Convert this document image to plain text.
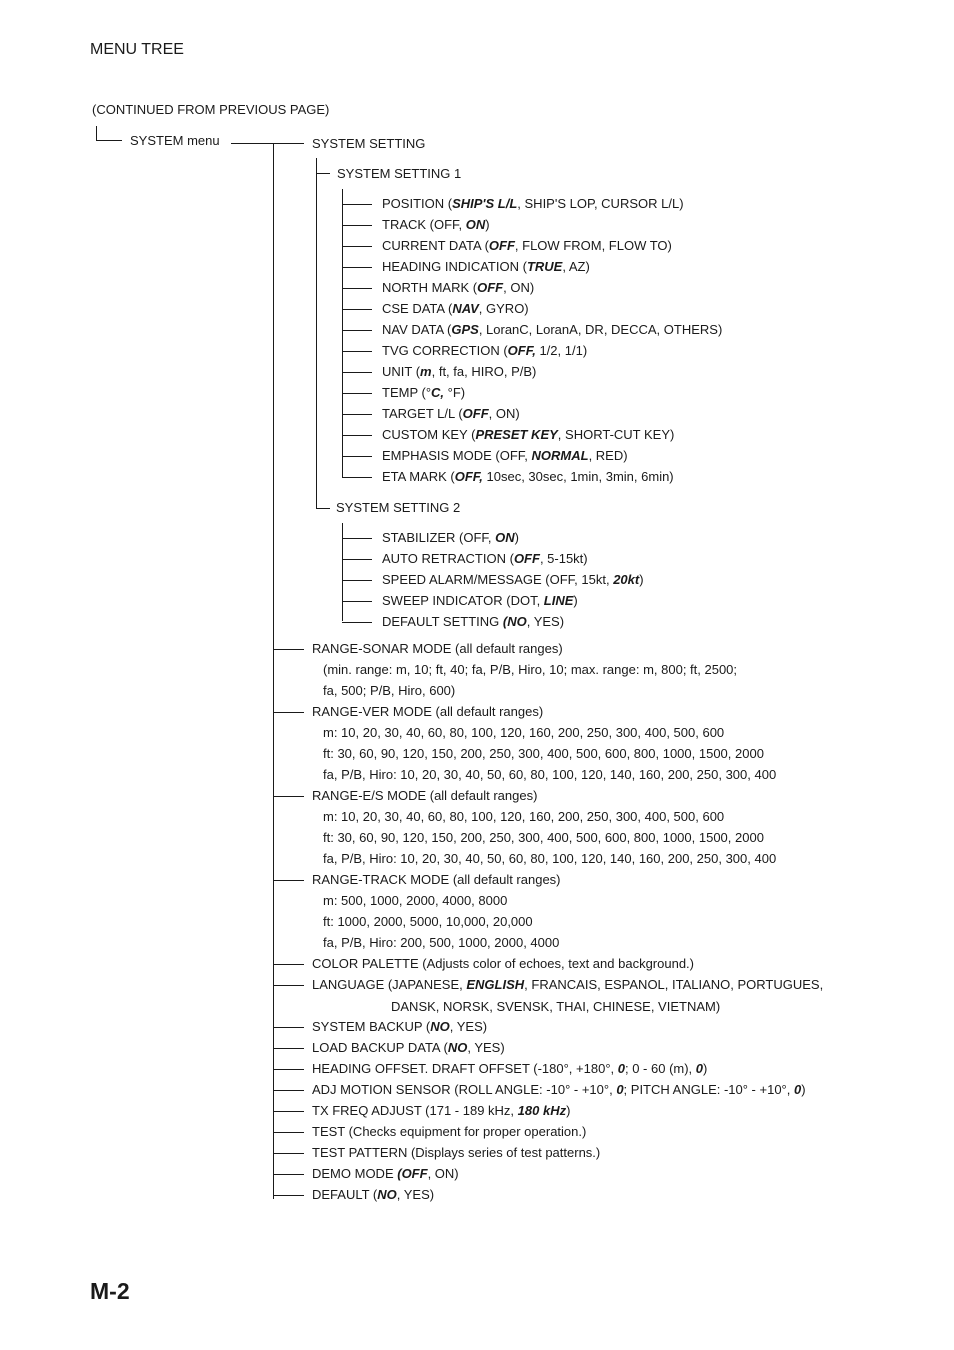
MENU TREE
(CONTINUED FROM PREVIOUS PAGE)
SYSTEM menu	SYSTEM SETTING
SYSTEM SETTING 1
POSITION (SHIP'S L/L, SHIP'S LOP, CURSOR L/L)
TRACK (OFF, ON)
CURRENT DATA (OFF, FLOW FROM, FLOW TO)
HEADING INDICATION (TRUE, AZ)
NORTH MARK (OFF, ON)
CSE DATA (NAV, GYRO)
NAV DATA (GPS, LoranC, LoranA, DR, DECCA, OTHERS)
TVG CORRECTION (OFF, 1/2, 1/1)
UNIT (m, ft, fa, HIRO, P/B)
TEMP (°C, °F)
TARGET L/L (OFF, ON)
CUSTOM KEY (PRESET KEY, SHORT-CUT KEY)
EMPHASIS MODE (OFF, NORMAL, RED)
ETA MARK (OFF, 10sec, 30sec, 1min, 3min, 6min)
SYSTEM SETTING 2
STABILIZER (OFF, ON)
AUTO RETRACTION (OFF, 5-15kt)
SPEED ALARM/MESSAGE (OFF, 15kt, 20kt)
SWEEP INDICATOR (DOT, LINE)
DEFAULT SETTING (NO, YES)
RANGE-SONAR MODE (all default ranges)
(min. range: m, 10; ft, 40; fa, P/B, Hiro, 10; max. range: m, 800; ft, 2500;
fa, 500; P/B, Hiro, 600)
RANGE-VER MODE (all default ranges)
m: 10, 20, 30, 40, 60, 80, 100, 120, 160, 200, 250, 300, 400, 500, 600
ft: 30, 60, 90, 120, 150, 200, 250, 300, 400, 500, 600, 800, 1000, 1500, 2000
fa, P/B, Hiro: 10, 20, 30, 40, 50, 60, 80, 100, 120, 140, 160, 200, 250, 300, 400
RANGE-E/S MODE (all default ranges)
m: 10, 20, 30, 40, 60, 80, 100, 120, 160, 200, 250, 300, 400, 500, 600
ft: 30, 60, 90, 120, 150, 200, 250, 300, 400, 500, 600, 800, 1000, 1500, 2000
fa, P/B, Hiro: 10, 20, 30, 40, 50, 60, 80, 100, 120, 140, 160, 200, 250, 300, 400
RANGE-TRACK MODE (all default ranges)
m: 500, 1000, 2000, 4000, 8000
ft: 1000, 2000, 5000, 10,000, 20,000
fa, P/B, Hiro: 200, 500, 1000, 2000, 4000
COLOR PALETTE (Adjusts color of echoes, text and background.)
LANGUAGE (JAPANESE, ENGLISH, FRANCAIS, ESPANOL, ITALIANO, PORTUGUES,
DANSK, NORSK, SVENSK, THAI, CHINESE, VIETNAM)
SYSTEM BACKUP (NO, YES)
LOAD BACKUP DATA (NO, YES)
HEADING OFFSET. DRAFT OFFSET (-180°, +180°, 0; 0 - 60 (m), 0)
ADJ MOTION SENSOR (ROLL ANGLE: -10° - +10°, 0; PITCH ANGLE: -10° - +10°, 0)
TX FREQ ADJUST (171 - 189 kHz, 180 kHz)
TEST (Checks equipment for proper operation.)
TEST PATTERN (Displays series of test patterns.)
DEMO MODE (OFF, ON)
DEFAULT (NO, YES)
M-2
